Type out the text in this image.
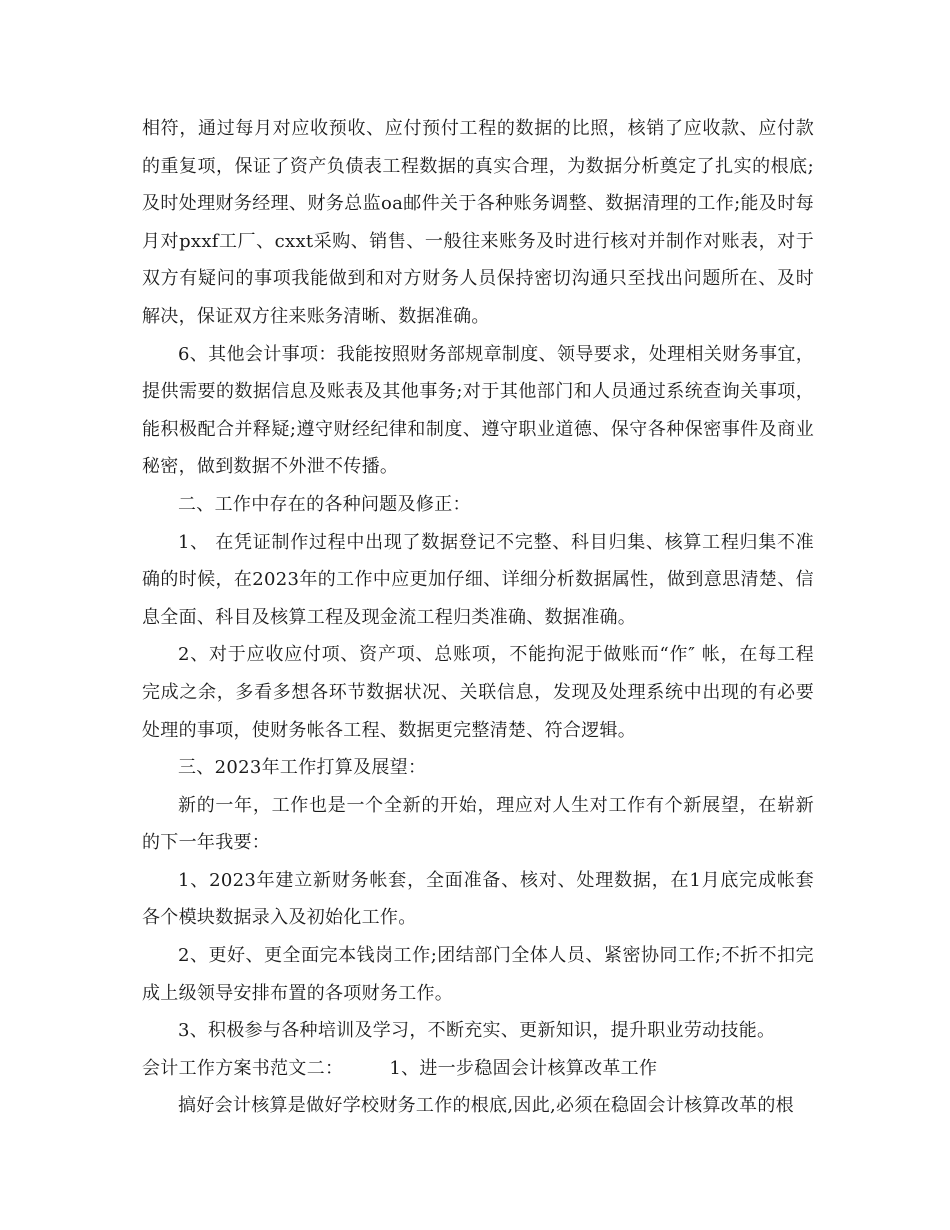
相符，通过每月对应收预收、应付预付工程的数据的比照，核销了应收款、应付款的重复项，保证了资产负债表工程数据的真实合理，为数据分析奠定了扎实的根底;及时处理财务经理、财务总监oa邮件关于各种账务调整、数据清理的工作;能及时每月对pxxf工厂、cxxt采购、销售、一般往来账务及时进行核对并制作对账表，对于双方有疑问的事项我能做到和对方财务人员保持密切沟通只至找出问题所在、及时解决，保证双方往来账务清晰、数据准确。

6、其他会计事项：我能按照财务部规章制度、领导要求，处理相关财务事宜，提供需要的数据信息及账表及其他事务;对于其他部门和人员通过系统查询关事项，能积极配合并释疑;遵守财经纪律和制度、遵守职业道德、保守各种保密事件及商业秘密，做到数据不外泄不传播。

二、工作中存在的各种问题及修正：

1、 在凭证制作过程中出现了数据登记不完整、科目归集、核算工程归集不准确的时候，在2023年的工作中应更加仔细、详细分析数据属性，做到意思清楚、信息全面、科目及核算工程及现金流工程归类准确、数据准确。

2、对于应收应付项、资产项、总账项，不能拘泥于做账而“作″ 帐，在每工程完成之余，多看多想各环节数据状况、关联信息，发现及处理系统中出现的有必要处理的事项，使财务帐各工程、数据更完整清楚、符合逻辑。

三、2023年工作打算及展望：

新的一年，工作也是一个全新的开始，理应对人生对工作有个新展望，在崭新的下一年我要：

1、2023年建立新财务帐套，全面准备、核对、处理数据，在1月底完成帐套各个模块数据录入及初始化工作。

2、更好、更全面完本钱岗工作;团结部门全体人员、紧密协同工作;不折不扣完成上级领导安排布置的各项财务工作。

3、积极参与各种培训及学习，不断充实、更新知识，提升职业劳动技能。

会计工作方案书范文二：	1、进一步稳固会计核算改革工作

搞好会计核算是做好学校财务工作的根底,因此,必须在稳固会计核算改革的根
